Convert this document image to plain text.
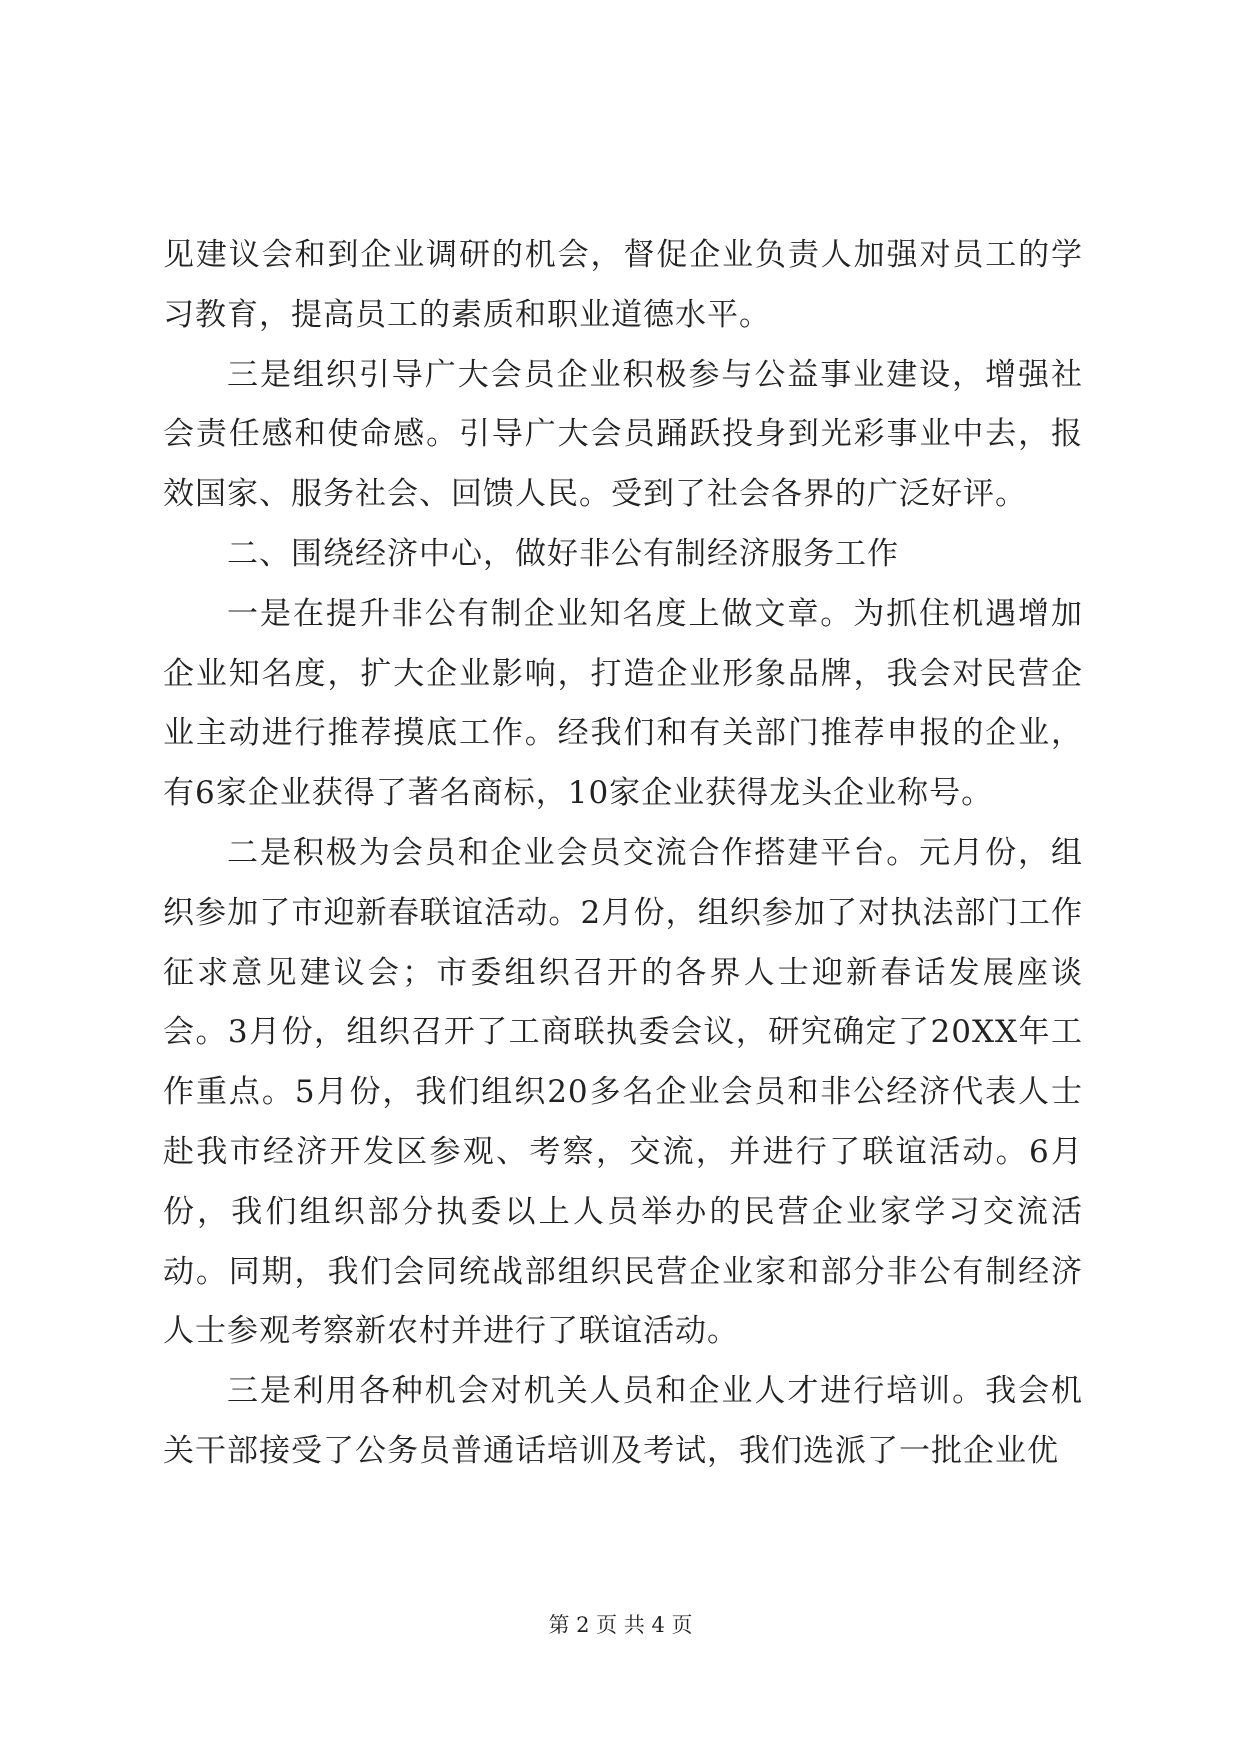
见建议会和到企业调研的机会，督促企业负责人加强对员工的学习教育，提高员工的素质和职业道德水平。

三是组织引导广大会员企业积极参与公益事业建设，增强社会责任感和使命感。引导广大会员踊跃投身到光彩事业中去，报效国家、服务社会、回馈人民。受到了社会各界的广泛好评。

二、围绕经济中心，做好非公有制经济服务工作

一是在提升非公有制企业知名度上做文章。为抓住机遇增加企业知名度，扩大企业影响，打造企业形象品牌，我会对民营企业主动进行推荐摸底工作。经我们和有关部门推荐申报的企业，有6家企业获得了著名商标，10家企业获得龙头企业称号。

二是积极为会员和企业会员交流合作搭建平台。元月份，组织参加了市迎新春联谊活动。2月份，组织参加了对执法部门工作征求意见建议会；市委组织召开的各界人士迎新春话发展座谈会。3月份，组织召开了工商联执委会议，研究确定了20XX年工作重点。5月份，我们组织20多名企业会员和非公经济代表人士赴我市经济开发区参观、考察，交流，并进行了联谊活动。6月份，我们组织部分执委以上人员举办的民营企业家学习交流活动。同期，我们会同统战部组织民营企业家和部分非公有制经济人士参观考察新农村并进行了联谊活动。

三是利用各种机会对机关人员和企业人才进行培训。我会机关干部接受了公务员普通话培训及考试，我们选派了一批企业优

第 2 页 共 4 页
